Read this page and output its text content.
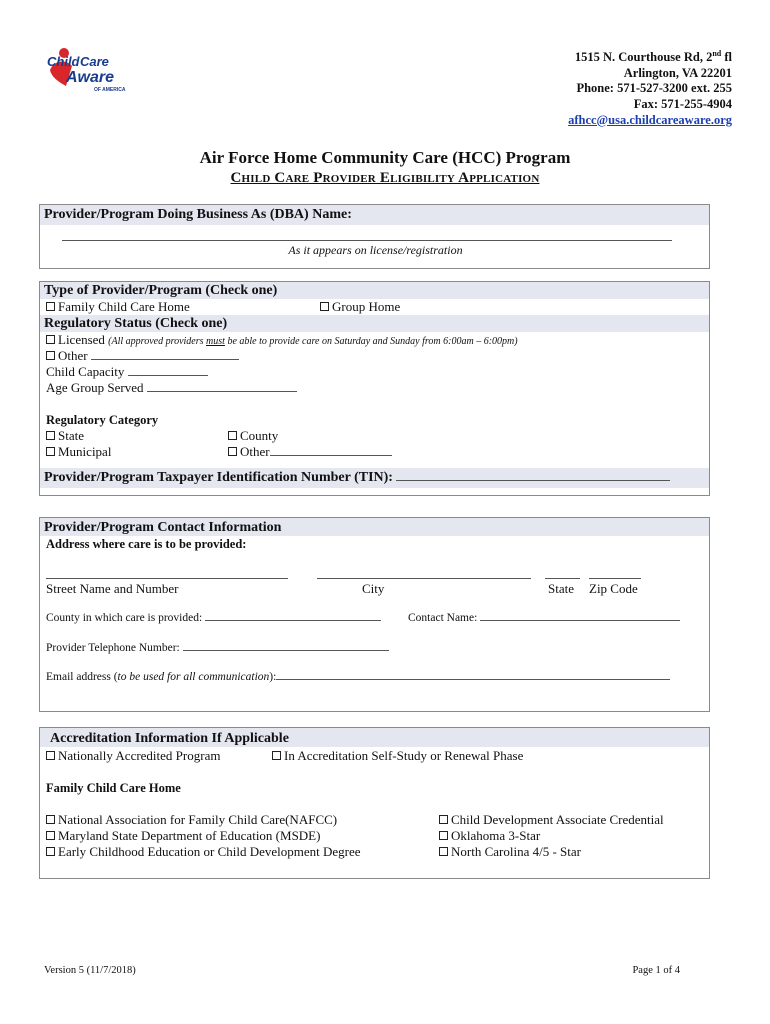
Child Care
Aware
OF AMERICA
1515 N. Courthouse Rd, 2nd fl
Arlington, VA 22201
Phone: 571-527-3200 ext. 255
Fax: 571-255-4904
afhcc@usa.childcareaware.org
Air Force Home Community Care (HCC) Program
Child Care Provider Eligibility Application
Provider/Program Doing Business As (DBA) Name:
As it appears on license/registration
Type of Provider/Program (Check one)
Family Child Care Home	Group Home
Regulatory Status (Check one)
Licensed (All approved providers must be able to provide care on Saturday and Sunday from 6:00am – 6:00pm)
Other
Child Capacity
Age Group Served
Regulatory Category
State	County
Municipal	Other
Provider/Program Taxpayer Identification Number (TIN):
Provider/Program Contact Information
Address where care is to be provided:
Street Name and Number	City	State Zip Code
County in which care is provided:	Contact Name:
Provider Telephone Number:
Email address (to be used for all communication):
Accreditation Information If Applicable
Nationally Accredited Program	In Accreditation Self-Study or Renewal Phase
Family Child Care Home
National Association for Family Child Care(NAFCC)
Maryland State Department of Education (MSDE)
Early Childhood Education or Child Development Degree
Child Development Associate Credential
Oklahoma 3-Star
North Carolina 4/5 - Star
Version 5 (11/7/2018)	Page 1 of 4
